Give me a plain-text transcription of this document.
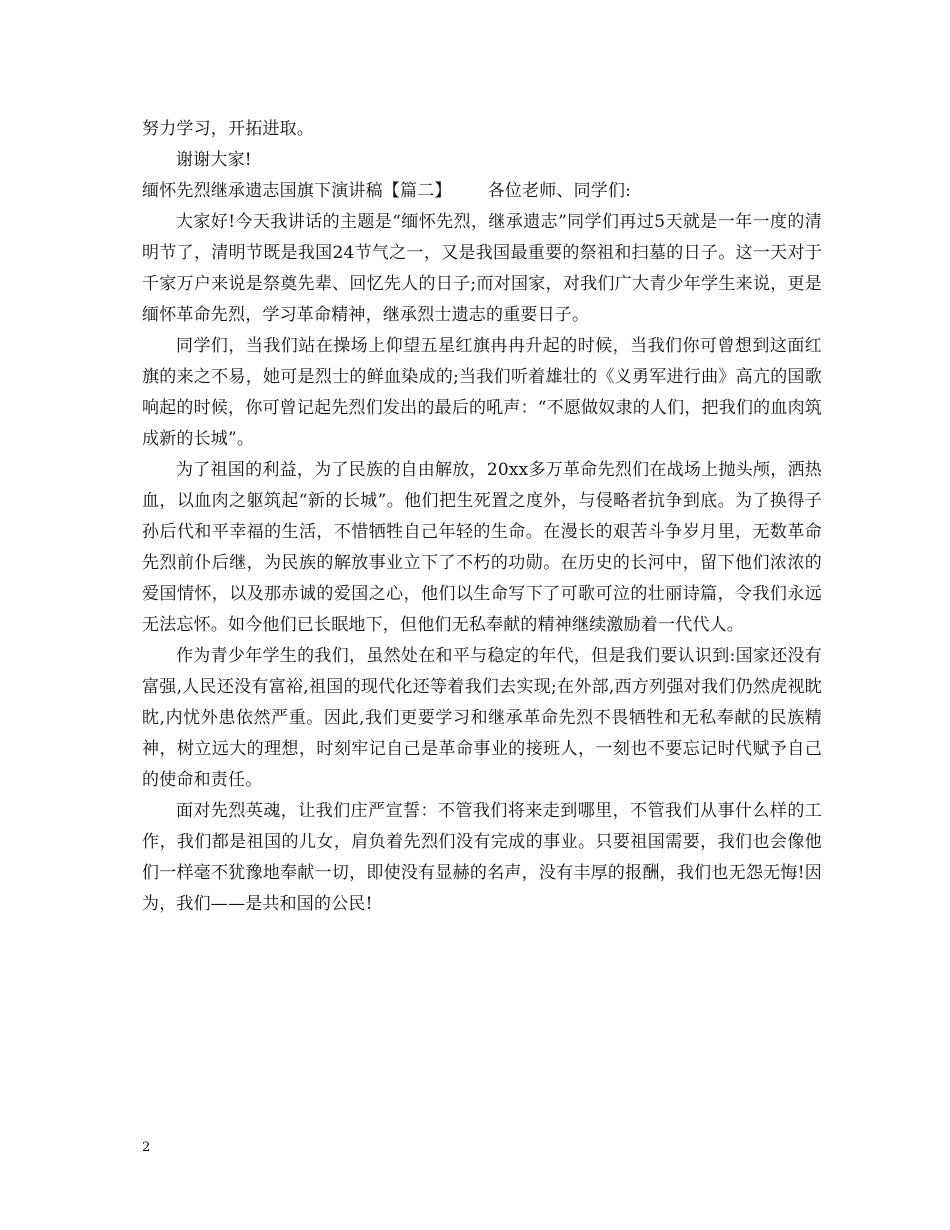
努力学习，开拓进取。

谢谢大家!

缅怀先烈继承遗志国旗下演讲稿【篇二】 各位老师、同学们:

大家好!今天我讲话的主题是“缅怀先烈，继承遗志”同学们再过5天就是一年一度的清明节了，清明节既是我国24节气之一，又是我国最重要的祭祖和扫墓的日子。这一天对于千家万户来说是祭奠先辈、回忆先人的日子;而对国家，对我们广大青少年学生来说，更是缅怀革命先烈，学习革命精神，继承烈士遗志的重要日子。

同学们，当我们站在操场上仰望五星红旗冉冉升起的时候，当我们你可曾想到这面红旗的来之不易，她可是烈士的鲜血染成的;当我们听着雄壮的《义勇军进行曲》高亢的国歌响起的时候，你可曾记起先烈们发出的最后的吼声：“不愿做奴隶的人们，把我们的血肉筑成新的长城”。

为了祖国的利益，为了民族的自由解放，20xx多万革命先烈们在战场上抛头颅，洒热血，以血肉之躯筑起“新的长城”。他们把生死置之度外，与侵略者抗争到底。为了换得子孙后代和平幸福的生活，不惜牺牲自己年轻的生命。在漫长的艰苦斗争岁月里，无数革命先烈前仆后继，为民族的解放事业立下了不朽的功勋。在历史的长河中，留下他们浓浓的爱国情怀，以及那赤诚的爱国之心，他们以生命写下了可歌可泣的壮丽诗篇，令我们永远无法忘怀。如今他们已长眠地下，但他们无私奉献的精神继续激励着一代代人。

作为青少年学生的我们，虽然处在和平与稳定的年代，但是我们要认识到:国家还没有富强,人民还没有富裕,祖国的现代化还等着我们去实现;在外部,西方列强对我们仍然虎视眈眈,内忧外患依然严重。因此,我们更要学习和继承革命先烈不畏牺牲和无私奉献的民族精神，树立远大的理想，时刻牢记自己是革命事业的接班人，一刻也不要忘记时代赋予自己的使命和责任。

面对先烈英魂，让我们庄严宣誓：不管我们将来走到哪里，不管我们从事什么样的工作，我们都是祖国的儿女，肩负着先烈们没有完成的事业。只要祖国需要，我们也会像他们一样毫不犹豫地奉献一切，即使没有显赫的名声，没有丰厚的报酬，我们也无怨无悔!因为，我们——是共和国的公民!

2
